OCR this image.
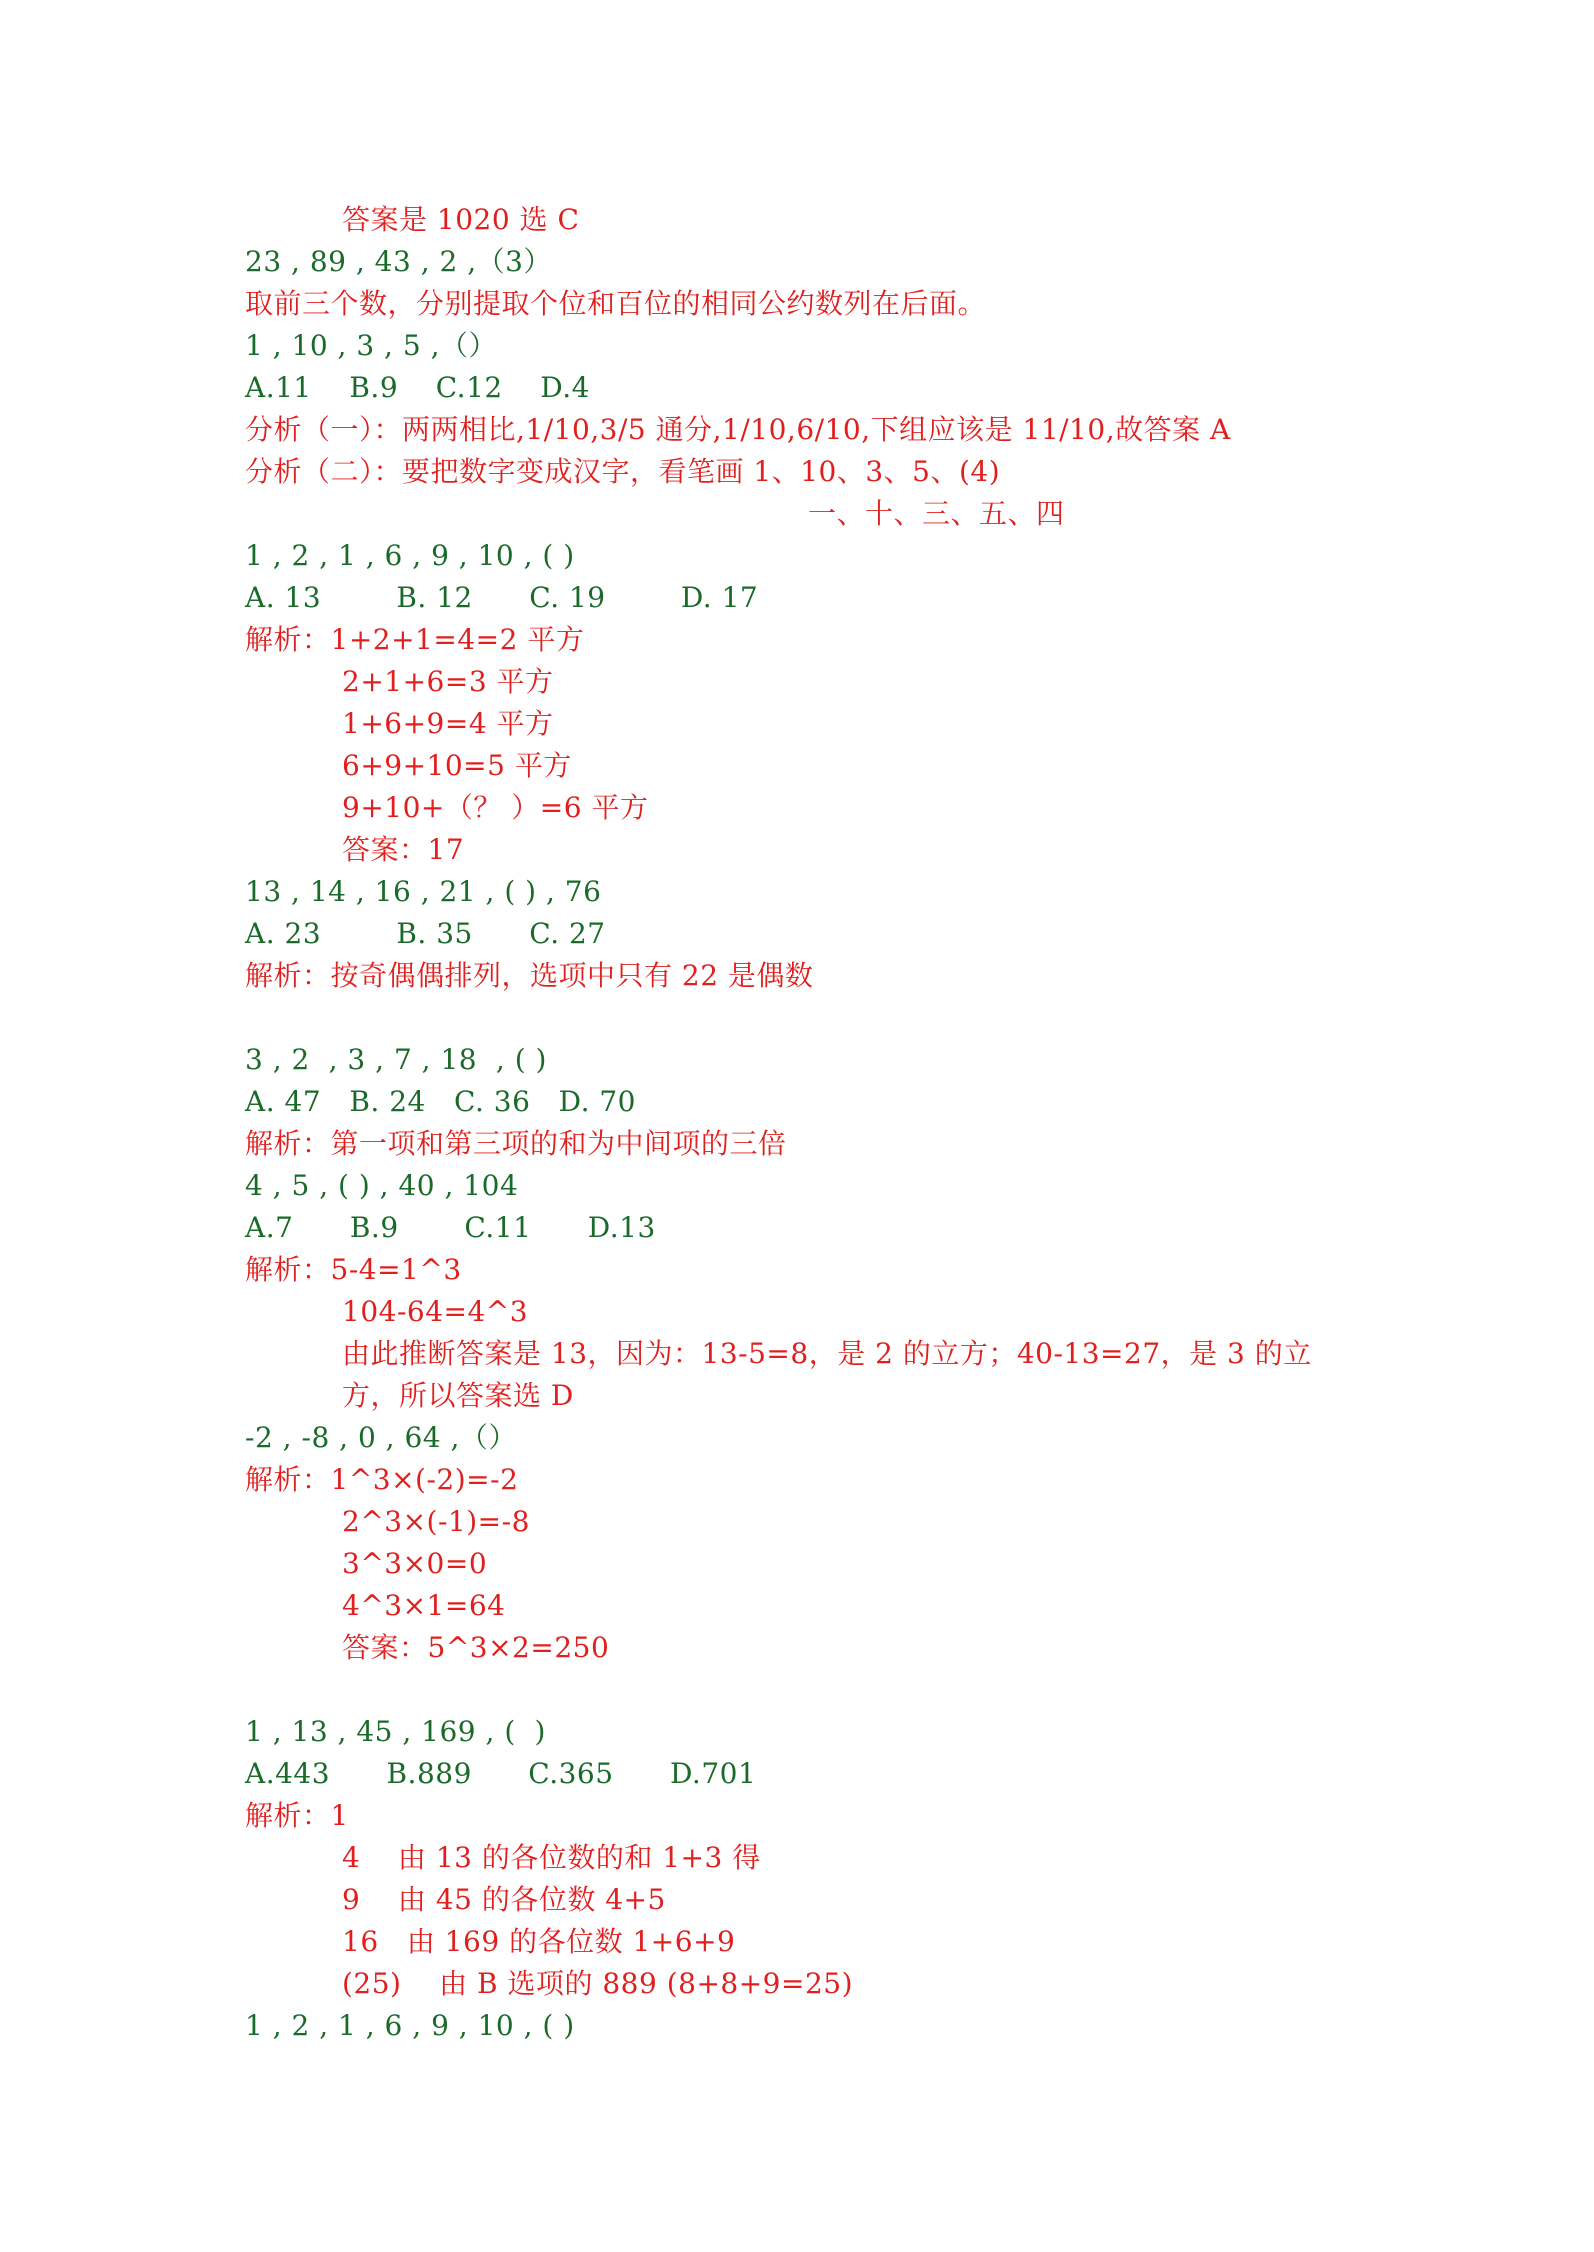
答案是 1020 选 C
23 , 89 , 43 , 2 ,（3）
取前三个数，分别提取个位和百位的相同公约数列在后面。
1 , 10 , 3 , 5 ,（）
A.11    B.9    C.12    D.4
分析（一）：两两相比,1/10,3/5 通分,1/10,6/10,下组应该是 11/10,故答案 A
分析（二）：要把数字变成汉字，看笔画 1、10、3、5、(4)
一、十、三、五、四
1 , 2 , 1 , 6 , 9 , 10 , ( )
A. 13        B. 12      C. 19        D. 17
解析：1+2+1=4=2 平方
2+1+6=3 平方
1+6+9=4 平方
6+9+10=5 平方
9+10+（？ ）=6 平方
答案：17
13 , 14 , 16 , 21 , ( ) , 76
A. 23        B. 35      C. 27
解析：按奇偶偶排列，选项中只有 22 是偶数
3 , 2  , 3 , 7 , 18  , ( )
A. 47   B. 24   C. 36   D. 70
解析：第一项和第三项的和为中间项的三倍
4 , 5 , ( ) , 40 , 104
A.7      B.9       C.11      D.13
解析：5-4=1^3
104-64=4^3
由此推断答案是 13，因为：13-5=8，是 2 的立方；40-13=27，是 3 的立
方，所以答案选 D
-2 , -8 , 0 , 64 ,（）
解析：1^3×(-2)=-2
2^3×(-1)=-8
3^3×0=0
4^3×1=64
答案：5^3×2=250
1 , 13 , 45 , 169 , (  )
A.443      B.889      C.365      D.701
解析：1
4    由 13 的各位数的和 1+3 得
9    由 45 的各位数 4+5
16   由 169 的各位数 1+6+9
(25)    由 B 选项的 889 (8+8+9=25)
1 , 2 , 1 , 6 , 9 , 10 , ( )
